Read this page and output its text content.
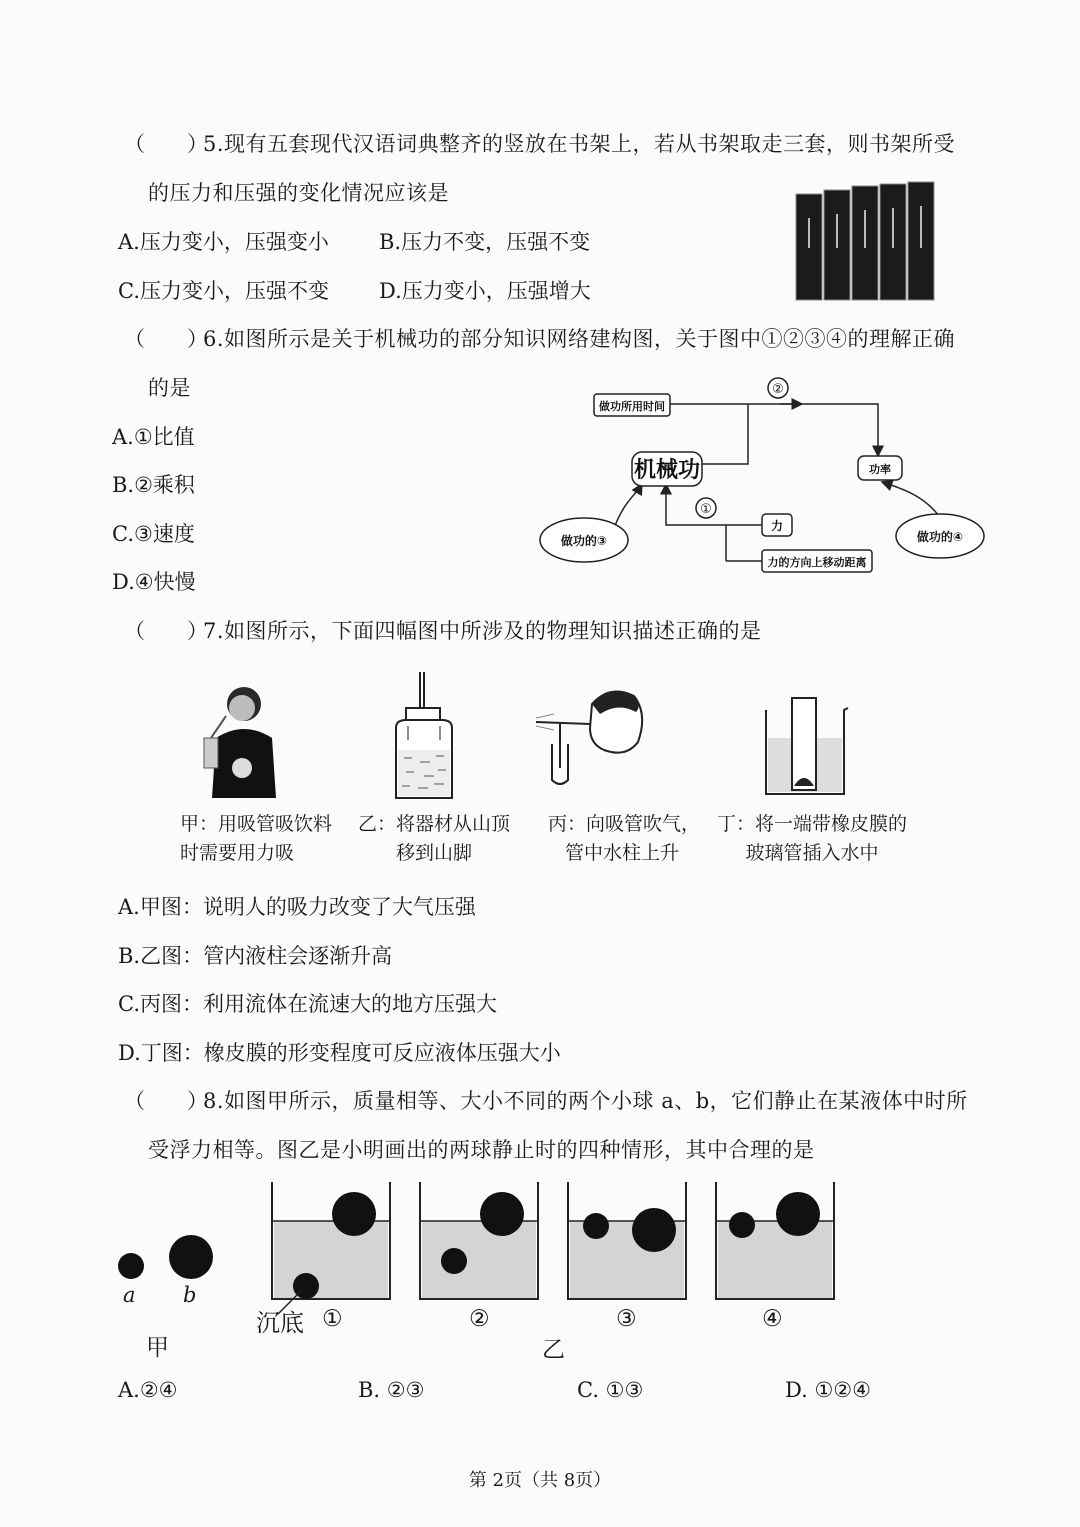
（　　）
5.现有五套现代汉语词典整齐的竖放在书架上，若从书架取走三套，则书架所受
的压力和压强的变化情况应该是
A.压力变小，压强变小 B.压力不变，压强不变
C.压力变小，压强不变 D.压力变小，压强增大
（　　）
6.如图所示是关于机械功的部分知识网络建构图，关于图中①②③④的理解正确
的是
A.①比值
B.②乘积
C.③速度
D.④快慢
做功所用时间
机械功	功率
力
力的方向上移动距离
做功的③	做功的④
②
①
（　　）
7.如图所示，下面四幅图中所涉及的物理知识描述正确的是
甲：用吸管吸饮料
时需要用力吸
乙：将器材从山顶
移到山脚
丙：向吸管吹气，
管中水柱上升
丁：将一端带橡皮膜的
玻璃管插入水中
A.甲图：说明人的吸力改变了大气压强
B.乙图：管内液柱会逐渐升高
C.丙图：利用流体在流速大的地方压强大
D.丁图：橡皮膜的形变程度可反应液体压强大小
（　　）
8.如图甲所示，质量相等、大小不同的两个小球 a、b，它们静止在某液体中时所
受浮力相等。图乙是小明画出的两球静止时的四种情形，其中合理的是
a b
甲
沉底 ①	②	③	④
乙
A.②④	B. ②③	C. ①③	D. ①②④
第 2页（共 8页）
